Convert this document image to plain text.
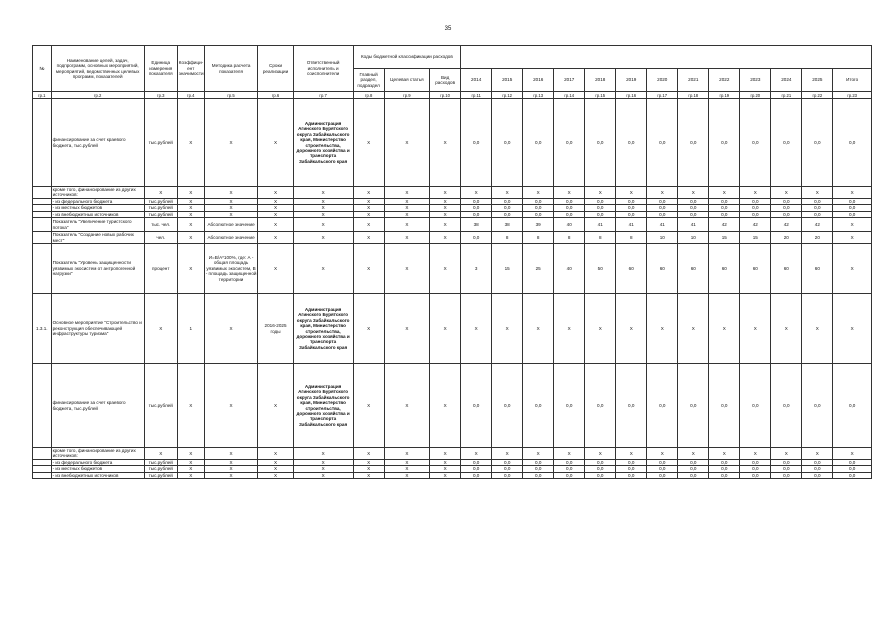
35
№	Наименование целей, задач, подпрограмм, основных мероприятий, мероприятий, ведомственных целевых программ, показателей	Единица измерения показателя	Коэффици-ент значимости	Методика расчета показателя	Сроки реализации	Ответственный исполнитель и соисполнители	Коды бюджетной классификации расходов															
							Главный раздел, подраздел	Целевая статья	Вид расходов	2014	2015	2016	2017	2018	2019	2020	2021	2022	2023	2024	2025	Итого
гр.1	гр.2	гр.3	гр.4	гр.5	гр.6	гр.7	гр.8	гр.9	гр.10	гр.11	гр.12	гр.13	гр.14	гр.15	гр.16	гр.17	гр.18	гр.19	гр.20	гр.21	гр.22	гр.23
	финансирование за счет краевого бюджета, тыс.рублей	тыс.рублей	Х	Х	Х	Администрация Агинского Бурятского округа Забайкальского края, Министерство строительства, дорожного хозяйства и транспорта Забайкальского края	Х	Х	Х	0,0	0,0	0,0	0,0	0,0	0,0	0,0	0,0	0,0	0,0	0,0	0,0	0,0
	кроме того, финансирование из других источников:	Х	Х	Х	Х	Х	Х	Х	Х	Х	Х	Х	Х	Х	Х	Х	Х	Х	Х	Х	Х	Х
	- из федерального бюджета	тыс.рублей	Х	Х	Х	Х	Х	Х	Х	0,0	0,0	0,0	0,0	0,0	0,0	0,0	0,0	0,0	0,0	0,0	0,0	0,0
	- из местных бюджетов	тыс.рублей	Х	Х	Х	Х	Х	Х	Х	0,0	0,0	0,0	0,0	0,0	0,0	0,0	0,0	0,0	0,0	0,0	0,0	0,0
	- из внебюджетных источников	тыс.рублей	Х	Х	Х	Х	Х	Х	Х	0,0	0,0	0,0	0,0	0,0	0,0	0,0	0,0	0,0	0,0	0,0	0,0	0,0
	Показатель "Увеличение туристского потока"	тыс. чел.	Х	Абсолютное значение	Х	Х	Х	Х	Х	38	38	39	40	41	41	41	41	42	42	42	42	Х
	Показатель "Создание новых рабочих мест"	чел.	Х	Абсолютное значение	Х	Х	Х	Х	Х	0,0	8	8	8	8	8	10	10	15	15	20	20	Х
	Показатель "Уровень защищенности уязвимых экосистем от антропогенной нагрузки"	процент	Х	И=В/А*100%, где: А - общая площадь уязвимых экосистем, В - площадь защищенной территории	Х	Х	Х	Х	Х	3	15	25	40	50	60	60	60	60	60	60	60	Х
1.3.1.	Основное мероприятие "Строительство и реконструкция обеспечивающей инфраструктуры туризма"	Х	1	Х	2016-2025 годы	Администрация Агинского Бурятского округа Забайкальского края, Министерство строительства, дорожного хозяйства и транспорта Забайкальского края	Х	Х	Х	Х	Х	Х	Х	Х	Х	Х	Х	Х	Х	Х	Х	Х
	финансирование за счет краевого бюджета, тыс.рублей	тыс.рублей	Х	Х	Х	Администрация Агинского Бурятского округа Забайкальского края, Министерство строительства, дорожного хозяйства и транспорта Забайкальского края	Х	Х	Х	0,0	0,0	0,0	0,0	0,0	0,0	0,0	0,0	0,0	0,0	0,0	0,0	0,0
	кроме того, финансирование из других источников:	Х	Х	Х	Х	Х	Х	Х	Х	Х	Х	Х	Х	Х	Х	Х	Х	Х	Х	Х	Х	Х
	- из федерального бюджета	тыс.рублей	Х	Х	Х	Х	Х	Х	Х	0,0	0,0	0,0	0,0	0,0	0,0	0,0	0,0	0,0	0,0	0,0	0,0	0,0
	- из местных бюджетов	тыс.рублей	Х	Х	Х	Х	Х	Х	Х	0,0	0,0	0,0	0,0	0,0	0,0	0,0	0,0	0,0	0,0	0,0	0,0	0,0
	- из внебюджетных источников	тыс.рублей	Х	Х	Х	Х	Х	Х	Х	0,0	0,0	0,0	0,0	0,0	0,0	0,0	0,0	0,0	0,0	0,0	0,0	0,0
